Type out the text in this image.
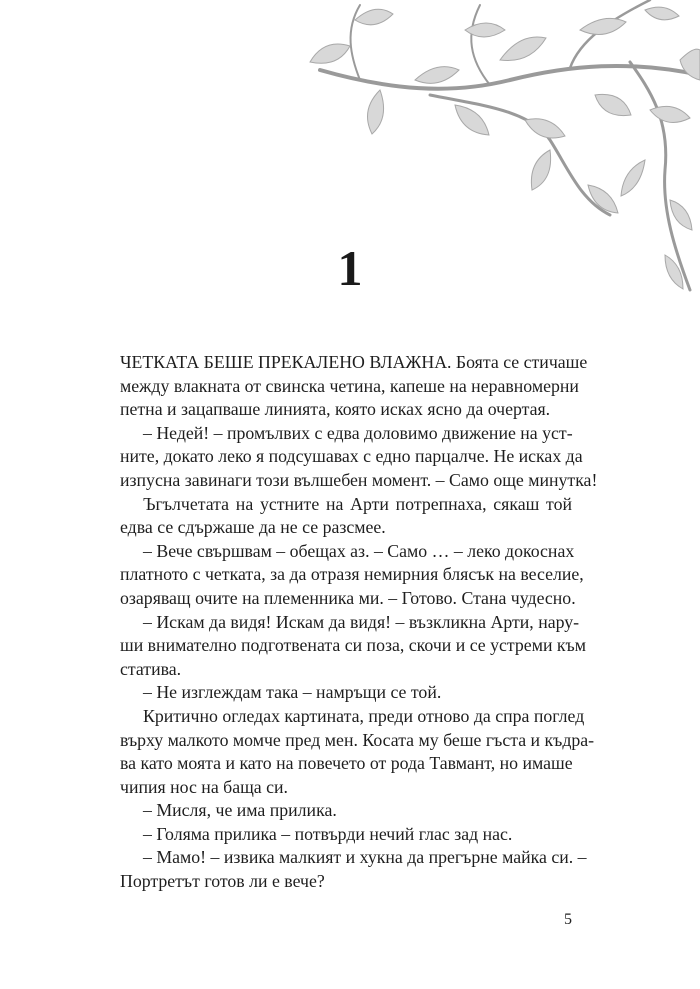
1
ЧЕТКАТА БЕШЕ ПРЕКАЛЕНО ВЛАЖНА. Боята се стичаше
между влакната от свинска четина, капеше на неравномерни
петна и зацапваше линията, която исках ясно да очертая.
– Недей! – промълвих с едва доловимо движение на уст-
ните, докато леко я подсушавах с едно парцалче. Не исках да
изпусна завинаги този вълшебен момент. – Само още минутка!
Ъгълчетата на устните на Арти потрепнаха, сякаш той
едва се сдържаше да не се разсмее.
– Вече свършвам – обещах аз. – Само … – леко докоснах
платното с четката, за да отразя немирния блясък на веселие,
озаряващ очите на племенника ми. – Готово. Стана чудесно.
– Искам да видя! Искам да видя! – възкликна Арти, нару-
ши внимателно подготвената си поза, скочи и се устреми към
статива.
– Не изглеждам така – намръщи се той.
Критично огледах картината, преди отново да спра поглед
върху малкото момче пред мен. Косата му беше гъста и къдра-
ва като моята и като на повечето от рода Тавмант, но имаше
чипия нос на баща си.
– Мисля, че има прилика.
– Голяма прилика – потвърди нечий глас зад нас.
– Мамо! – извика малкият и хукна да прегърне майка си. –
Портретът готов ли е вече?
5
